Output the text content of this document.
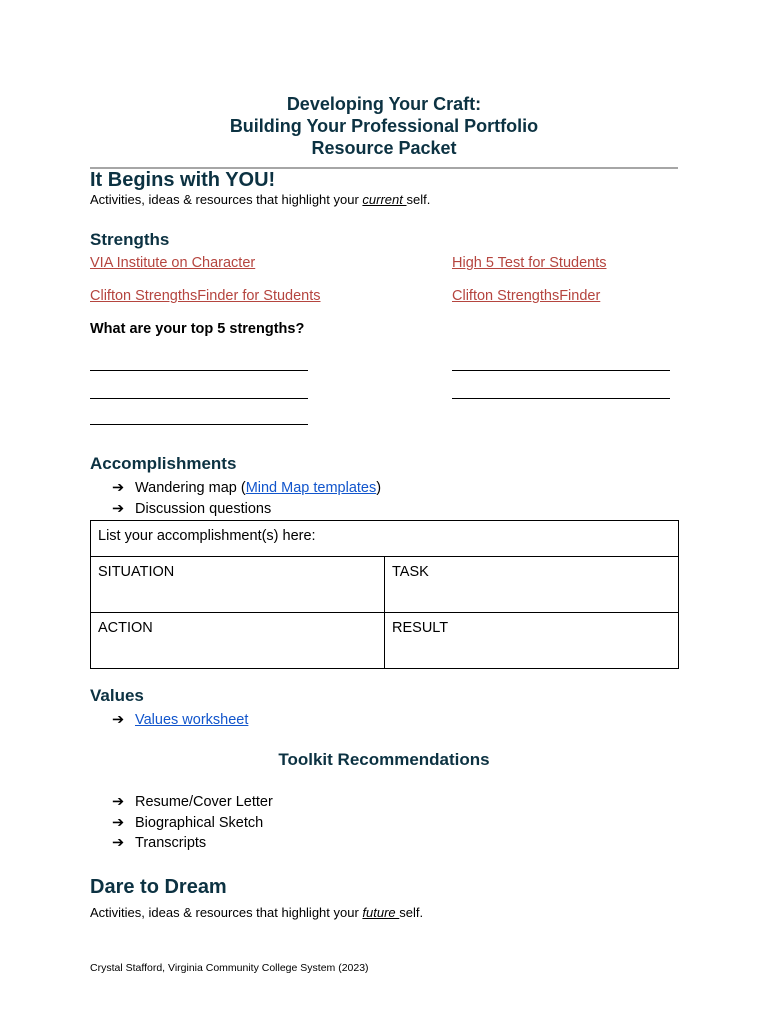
Developing Your Craft:
Building Your Professional Portfolio
Resource Packet
It Begins with YOU!
Activities, ideas & resources that highlight your current self.
Strengths
VIA Institute on Character	High 5 Test for Students
Clifton StrengthsFinder for Students	Clifton StrengthsFinder
What are your top 5 strengths?
Accomplishments
➔ Wandering map (Mind Map templates)
➔ Discussion questions
List your accomplishment(s) here:	
SITUATION	TASK
ACTION	RESULT
Values
➔ Values worksheet
Toolkit Recommendations
➔ Resume/Cover Letter
➔ Biographical Sketch
➔ Transcripts
Dare to Dream
Activities, ideas & resources that highlight your future self.
Crystal Stafford, Virginia Community College System (2023)
